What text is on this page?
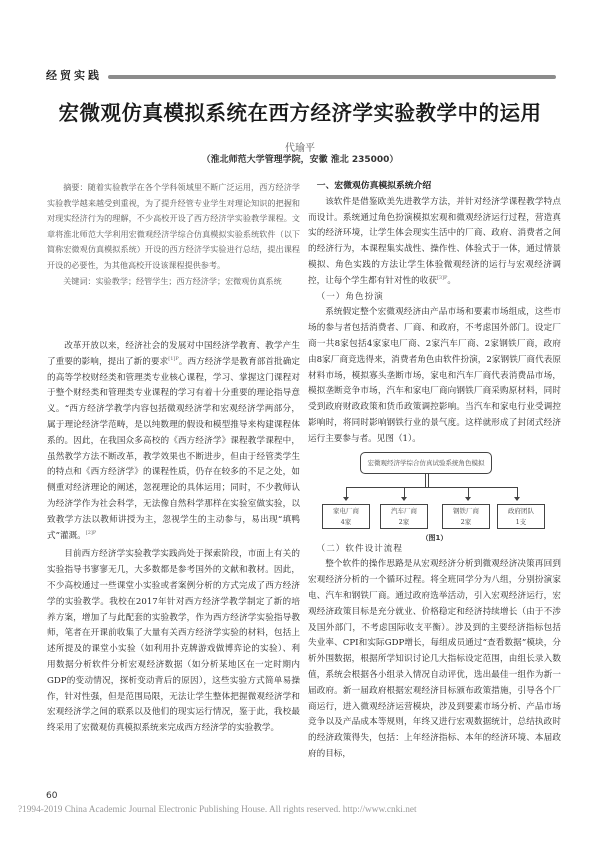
经贸实践
宏微观仿真模拟系统在西方经济学实验教学中的运用
代瑜平
（淮北师范大学管理学院，安徽 淮北 235000）

摘要：随着实验教学在各个学科领域里不断广泛运用，西方经济学实验教学越来越受到重视，为了提升经管专业学生对理论知识的把握和对现实经济行为的理解，不少高校开设了西方经济学实验教学课程。文章将淮北师范大学利用宏微观经济学综合仿真模拟实验系统软件（以下简称宏微观仿真模拟系统）开设的西方经济学实验进行总结，提出课程开设的必要性，为其他高校开设该课程提供参考。

关键词：实验教学；经管学生；西方经济学；宏微观仿真系统

改革开放以来，经济社会的发展对中国经济学教育、教学产生了重要的影响，提出了新的要求$^{[1]P}$。西方经济学是教育部首批确定的高等学校财经类和管理类专业核心课程，学习、掌握这门课程对于整个财经类和管理类专业课程的学习有着十分重要的理论指导意义。“西方经济学教学内容包括微观经济学和宏观经济学两部分，属于理论经济学范畴，是以纯数理的假设和模型推导来构建课程体系的。因此，在我国众多高校的《西方经济学》课程教学课程中，虽然教学方法不断改革，教学效果也不断进步，但由于经管类学生的特点和《西方经济学》的课程性质，仍存在较多的不足之处，如侧重对经济理论的阐述，忽视理论的具体运用；同时，不少教师认为经济学作为社会科学，无法像自然科学那样在实验室做实验，以致教学方法以教师讲授为主，忽视学生的主动参与，易出现“填鸭式”灌溉。$^{[2]P}$

目前西方经济学实验教学实践尚处于探索阶段，市面上有关的实验指导书寥寥无几，大多数都是参考国外的文献和教材。因此，不少高校通过一些课堂小实验或者案例分析的方式完成了西方经济学的实验教学。我校在2017年针对西方经济学教学制定了新的培养方案，增加了与此配套的实验教学，作为西方经济学实验指导教师，笔者在开课前收集了大量有关西方经济学实验的材料，包括上述所提及的课堂小实验（如利用扑克牌游戏做博弈论的实验）、利用数据分析软件分析宏观经济数据（如分析某地区在一定时期内GDP的变动情况，探析变动背后的原因），这些实验方式简单易操作，针对性强，但是范围局限，无法让学生整体把握微观经济学和宏观经济学之间的联系以及他们的现实运行情况，鉴于此，我校最终采用了宏微观仿真模拟系统来完成西方经济学的实验教学。

一、宏微观仿真模拟系统介绍

该软件是借鉴欧美先进教学方法，并针对经济学课程教学特点而设计。系统通过角色扮演模拟宏观和微观经济运行过程，营造真实的经济环境，让学生体会现实生活中的厂商、政府、消费者之间的经济行为，本课程集实战性、操作性、体验式于一体，通过情景模拟、角色实践的方法让学生体验微观经济的运行与宏观经济调控，让每个学生都有针对性的收获$^{[3]P}$。

（一）角色扮演

系统假定整个宏微观经济由产品市场和要素市场组成，这些市场的参与者包括消费者、厂商、和政府，不考虑国外部门。设定厂商一共8家包括4家家电厂商、2家汽车厂商、2家钢铁厂商，政府由8家厂商竞选得来，消费者角色由软件扮演，2家钢铁厂商代表原材料市场，模拟寡头垄断市场，家电和汽车厂商代表消费品市场，模拟垄断竞争市场，汽车和家电厂商向钢铁厂商采购原材料，同时受到政府财政政策和货币政策调控影响。当汽车和家电行业受调控影响时，将同时影响钢铁行业的景气度。这样就形成了封闭式经济运行主要参与者。见图（1）。

宏微观经济学综合仿真试验系统角色模拟
家电厂商
4家
汽车厂商
2家
钢铁厂商
2家
政府团队
1支
（图1）

（二）软件设计流程

整个软件的操作思路是从宏观经济分析到微观经济决策再回到宏观经济分析的一个循环过程。将全班同学分为八组，分别扮演家电、汽车和钢铁厂商。通过政府选举活动，引入宏观经济运行，宏观经济政策目标是充分就业、价格稳定和经济持续增长（由于不涉及国外部门，不考虑国际收支平衡）。涉及到的主要经济指标包括失业率、CPI和实际GDP增长，每组成员通过“查看数据”模块，分析外围数据，根据所学知识讨论几大指标设定范围，由组长录入数值，系统会根据各小组录入情况自动评优，选出最佳一组作为新一届政府。新一届政府根据宏观经济目标颁布政策措施，引导各个厂商运行，进入微观经济运营模块，涉及到要素市场分析、产品市场竞争以及产品成本等规则，年终又进行宏观数据统计，总结执政时的经济政策得失，包括：上年经济指标、本年的经济环境、本届政府的目标，

60
?1994-2019 China Academic Journal Electronic Publishing House. All rights reserved. http://www.cnki.net
